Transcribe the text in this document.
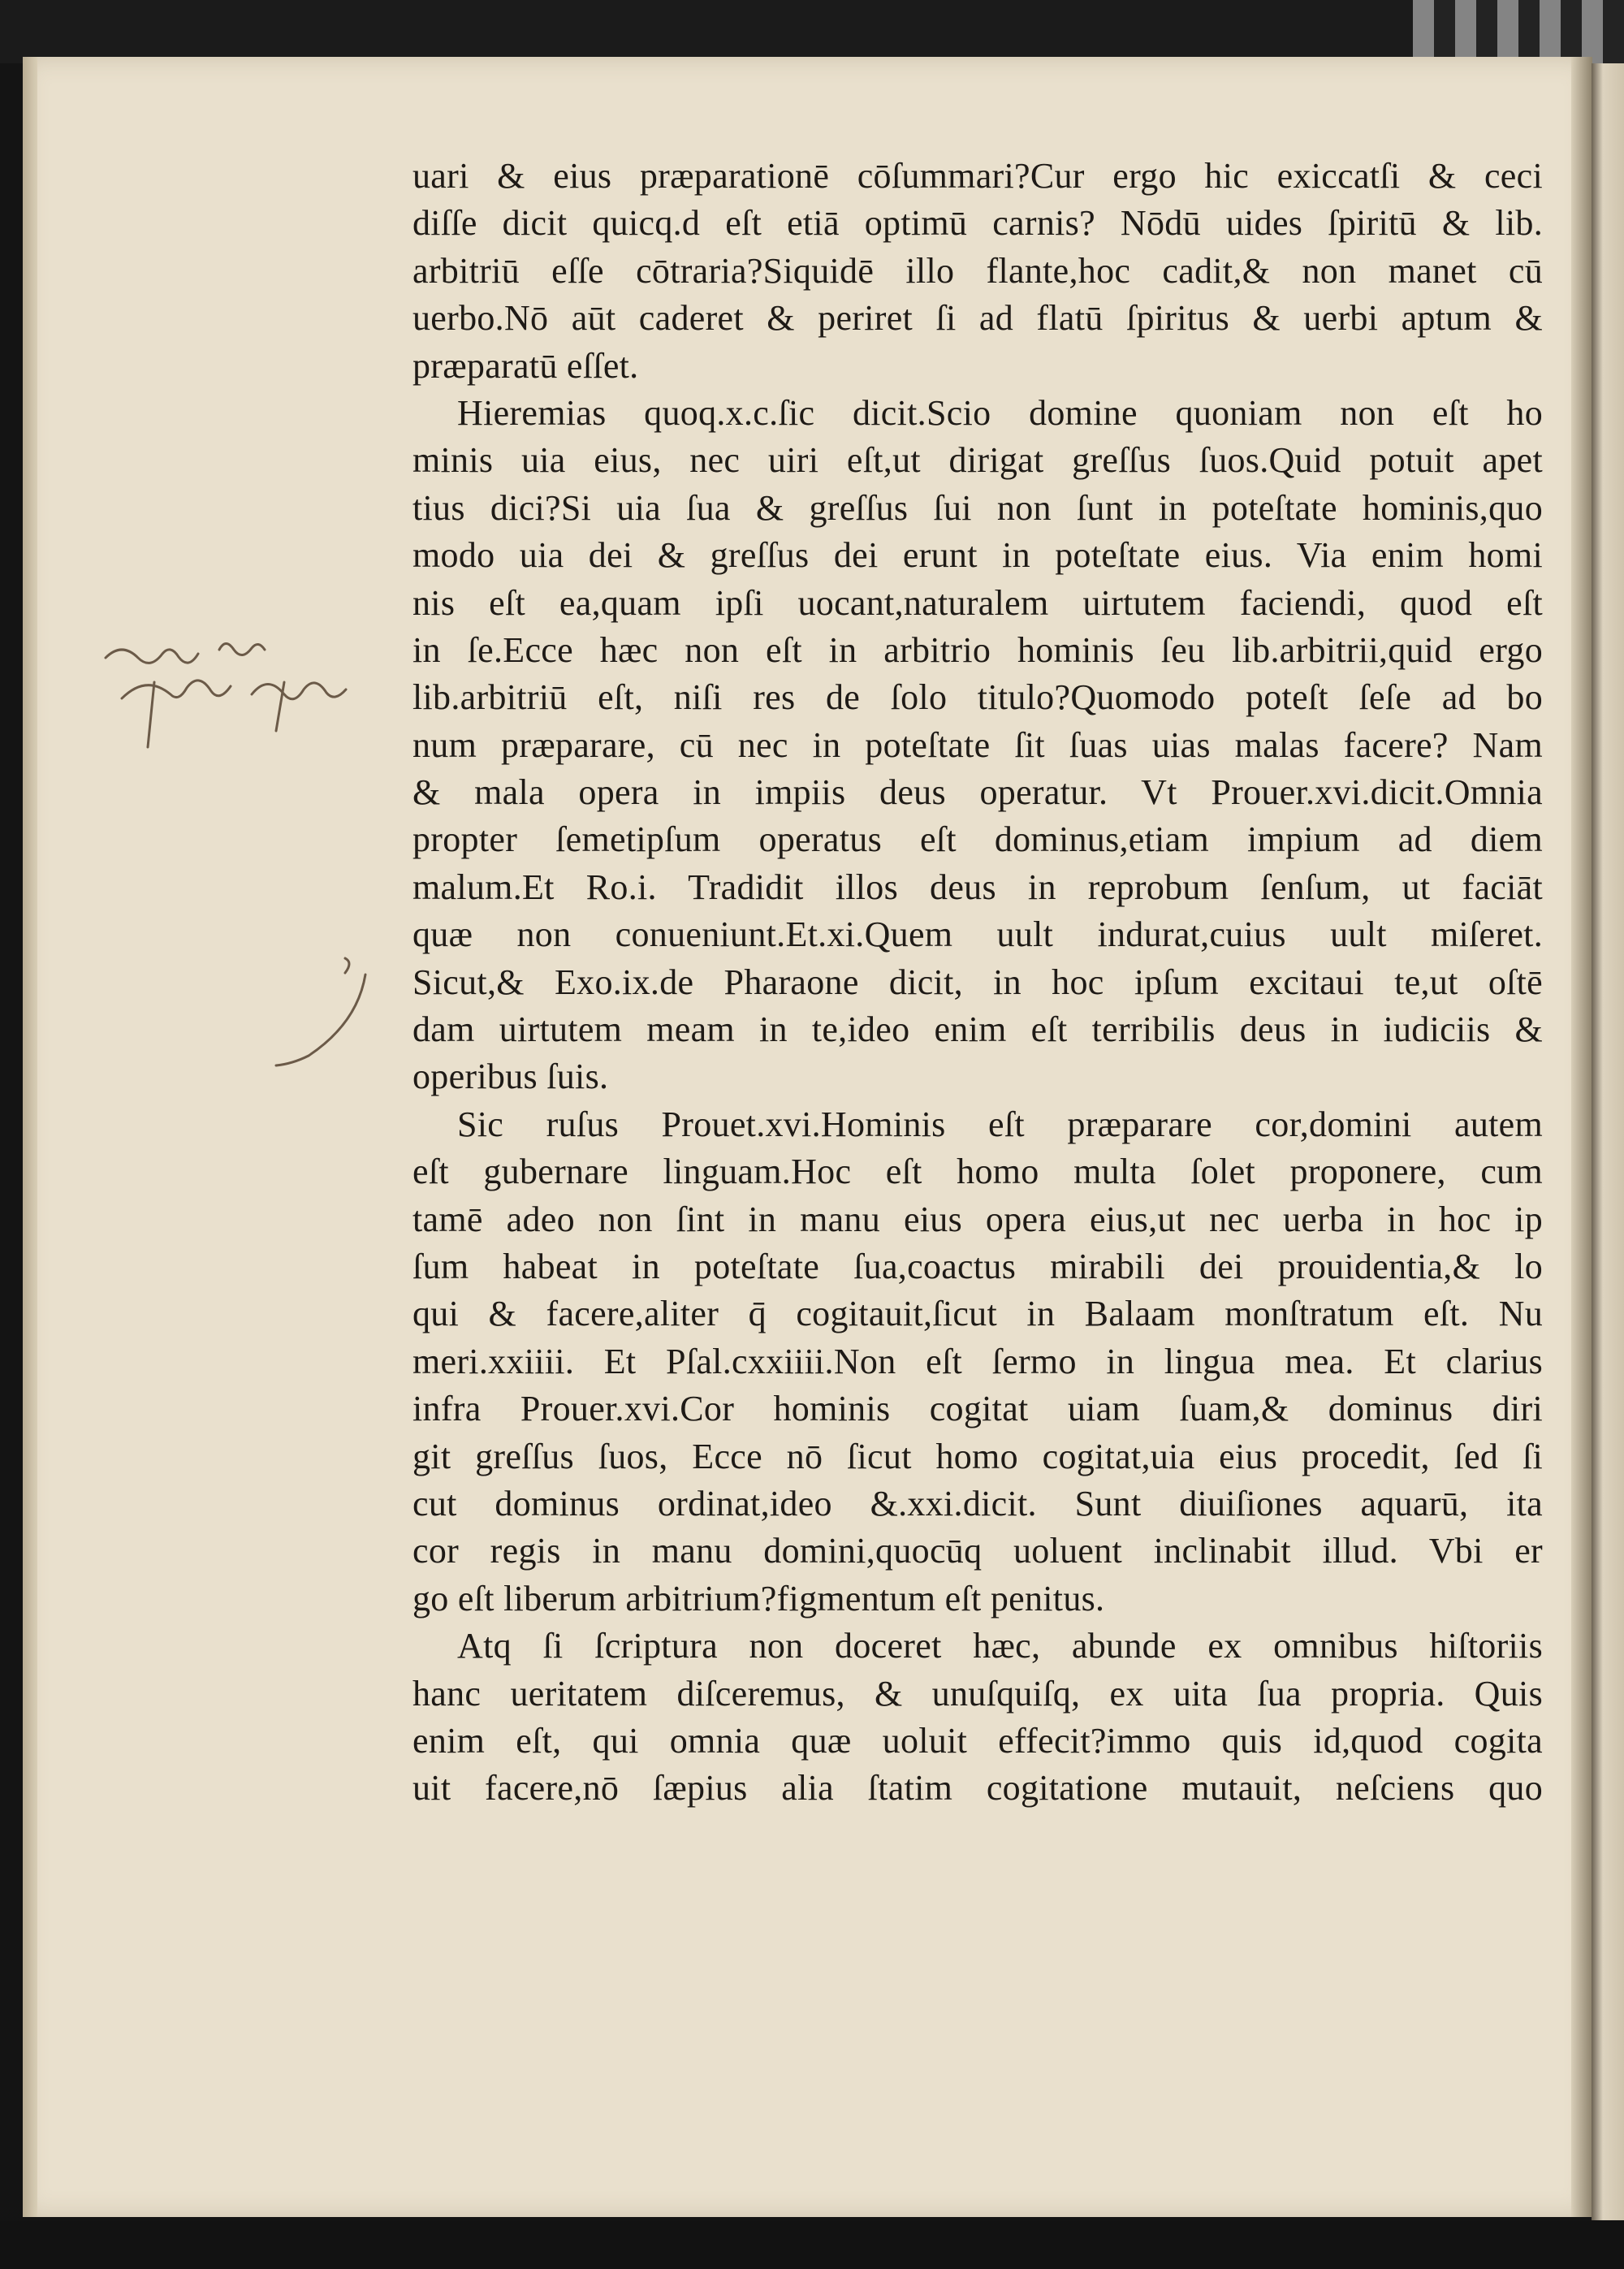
uari & eius præparationē cōſummari?Cur ergo hic exiccatſi & ceci
diſſe dicit quicq.d eſt etiā optimū carnis? Nōdū uides ſpiritū & lib.
arbitriū eſſe cōtraria?Siquidē illo flante,hoc cadit,& non manet cū
uerbo.Nō aūt caderet & periret ſi ad flatū ſpiritus & uerbi aptum &
præparatū eſſet.
Hieremias quoq.x.c.ſic dicit.Scio domine quoniam non eſt ho
minis uia eius, nec uiri eſt,ut dirigat greſſus ſuos.Quid potuit apet
tius dici?Si uia ſua & greſſus ſui non ſunt in poteſtate hominis,quo
modo uia dei & greſſus dei erunt in poteſtate eius. Via enim homi
nis eſt ea,quam ipſi uocant,naturalem uirtutem faciendi, quod eſt
in ſe.Ecce hæc non eſt in arbitrio hominis ſeu lib.arbitrii,quid ergo
lib.arbitriū eſt, niſi res de ſolo titulo?Quomodo poteſt ſeſe ad bo
num præparare, cū nec in poteſtate ſit ſuas uias malas facere? Nam
& mala opera in impiis deus operatur. Vt Prouer.xvi.dicit.Omnia
propter ſemetipſum operatus eſt dominus,etiam impium ad diem
malum.Et Ro.i. Tradidit illos deus in reprobum ſenſum, ut faciāt
quæ non conueniunt.Et.xi.Quem uult indurat,cuius uult miſeret.
Sicut,& Exo.ix.de Pharaone dicit, in hoc ipſum excitaui te,ut oſtē
dam uirtutem meam in te,ideo enim eſt terribilis deus in iudiciis &
operibus ſuis.
Sic ruſus Prouet.xvi.Hominis eſt præparare cor,domini autem
eſt gubernare linguam.Hoc eſt homo multa ſolet proponere, cum
tamē adeo non ſint in manu eius opera eius,ut nec uerba in hoc ip
ſum habeat in poteſtate ſua,coactus mirabili dei prouidentia,& lo
qui & facere,aliter q̄ cogitauit,ſicut in Balaam monſtratum eſt. Nu
meri.xxiiii. Et Pſal.cxxiiii.Non eſt ſermo in lingua mea. Et clarius
infra Prouer.xvi.Cor hominis cogitat uiam ſuam,& dominus diri
git greſſus ſuos, Ecce nō ſicut homo cogitat,uia eius procedit, ſed ſi
cut dominus ordinat,ideo &.xxi.dicit. Sunt diuiſiones aquarū, ita
cor regis in manu domini,quocūq uoluent inclinabit illud. Vbi er
go eſt liberum arbitrium?figmentum eſt penitus.
Atq ſi ſcriptura non doceret hæc, abunde ex omnibus hiſtoriis
hanc ueritatem diſceremus, & unuſquiſq, ex uita ſua propria. Quis
enim eſt, qui omnia quæ uoluit effecit?immo quis id,quod cogita
uit facere,nō ſæpius alia ſtatim cogitatione mutauit, neſciens quo
